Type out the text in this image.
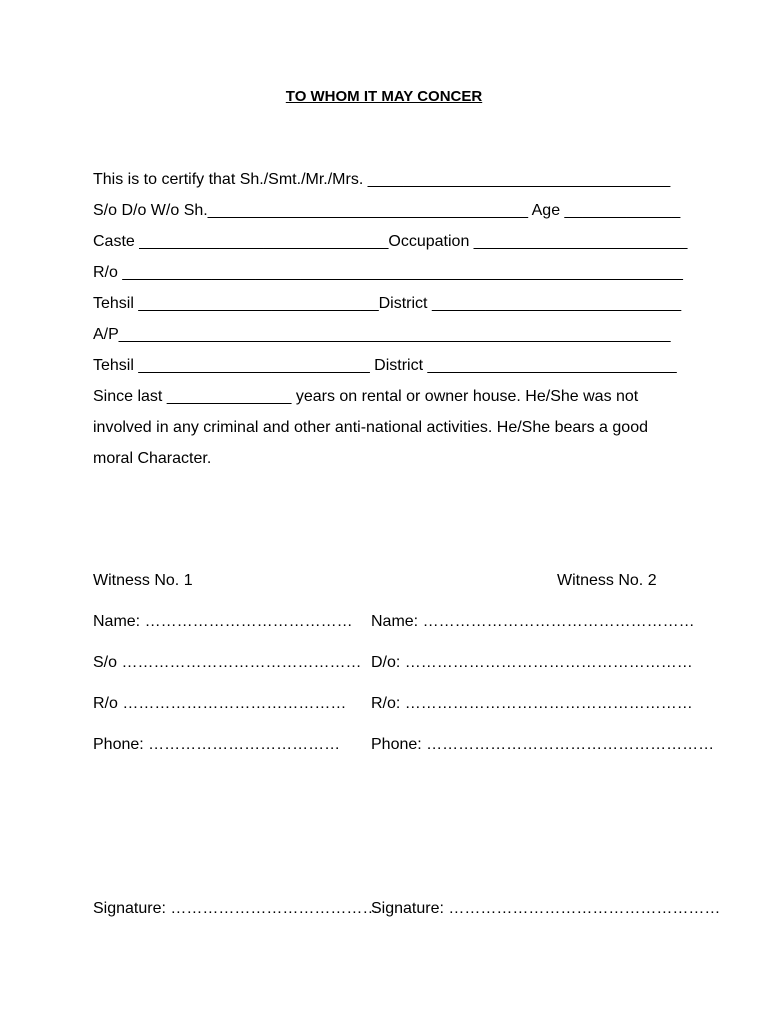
TO WHOM IT MAY CONCER
This is to certify that Sh./Smt./Mr./Mrs. __________________________________
S/o D/o W/o Sh.____________________________________ Age _____________
Caste ____________________________Occupation ________________________
R/o _______________________________________________________________
Tehsil ___________________________District ____________________________
A/P______________________________________________________________
Tehsil __________________________ District ____________________________
Since last ______________ years on rental or owner house. He/She was not
involved in any criminal and other anti-national activities. He/She bears a good
moral Character.
Witness No. 1
Name: …………………………………
S/o ………………………………………
R/o ……………………………………
Phone: ………………………………
Signature: …………………………………
Witness No. 2
Name: ……………………………………………
D/o: ………………………………………………
R/o: ………………………………………………
Phone: ………………………………………………
Signature: ……………………………………………
